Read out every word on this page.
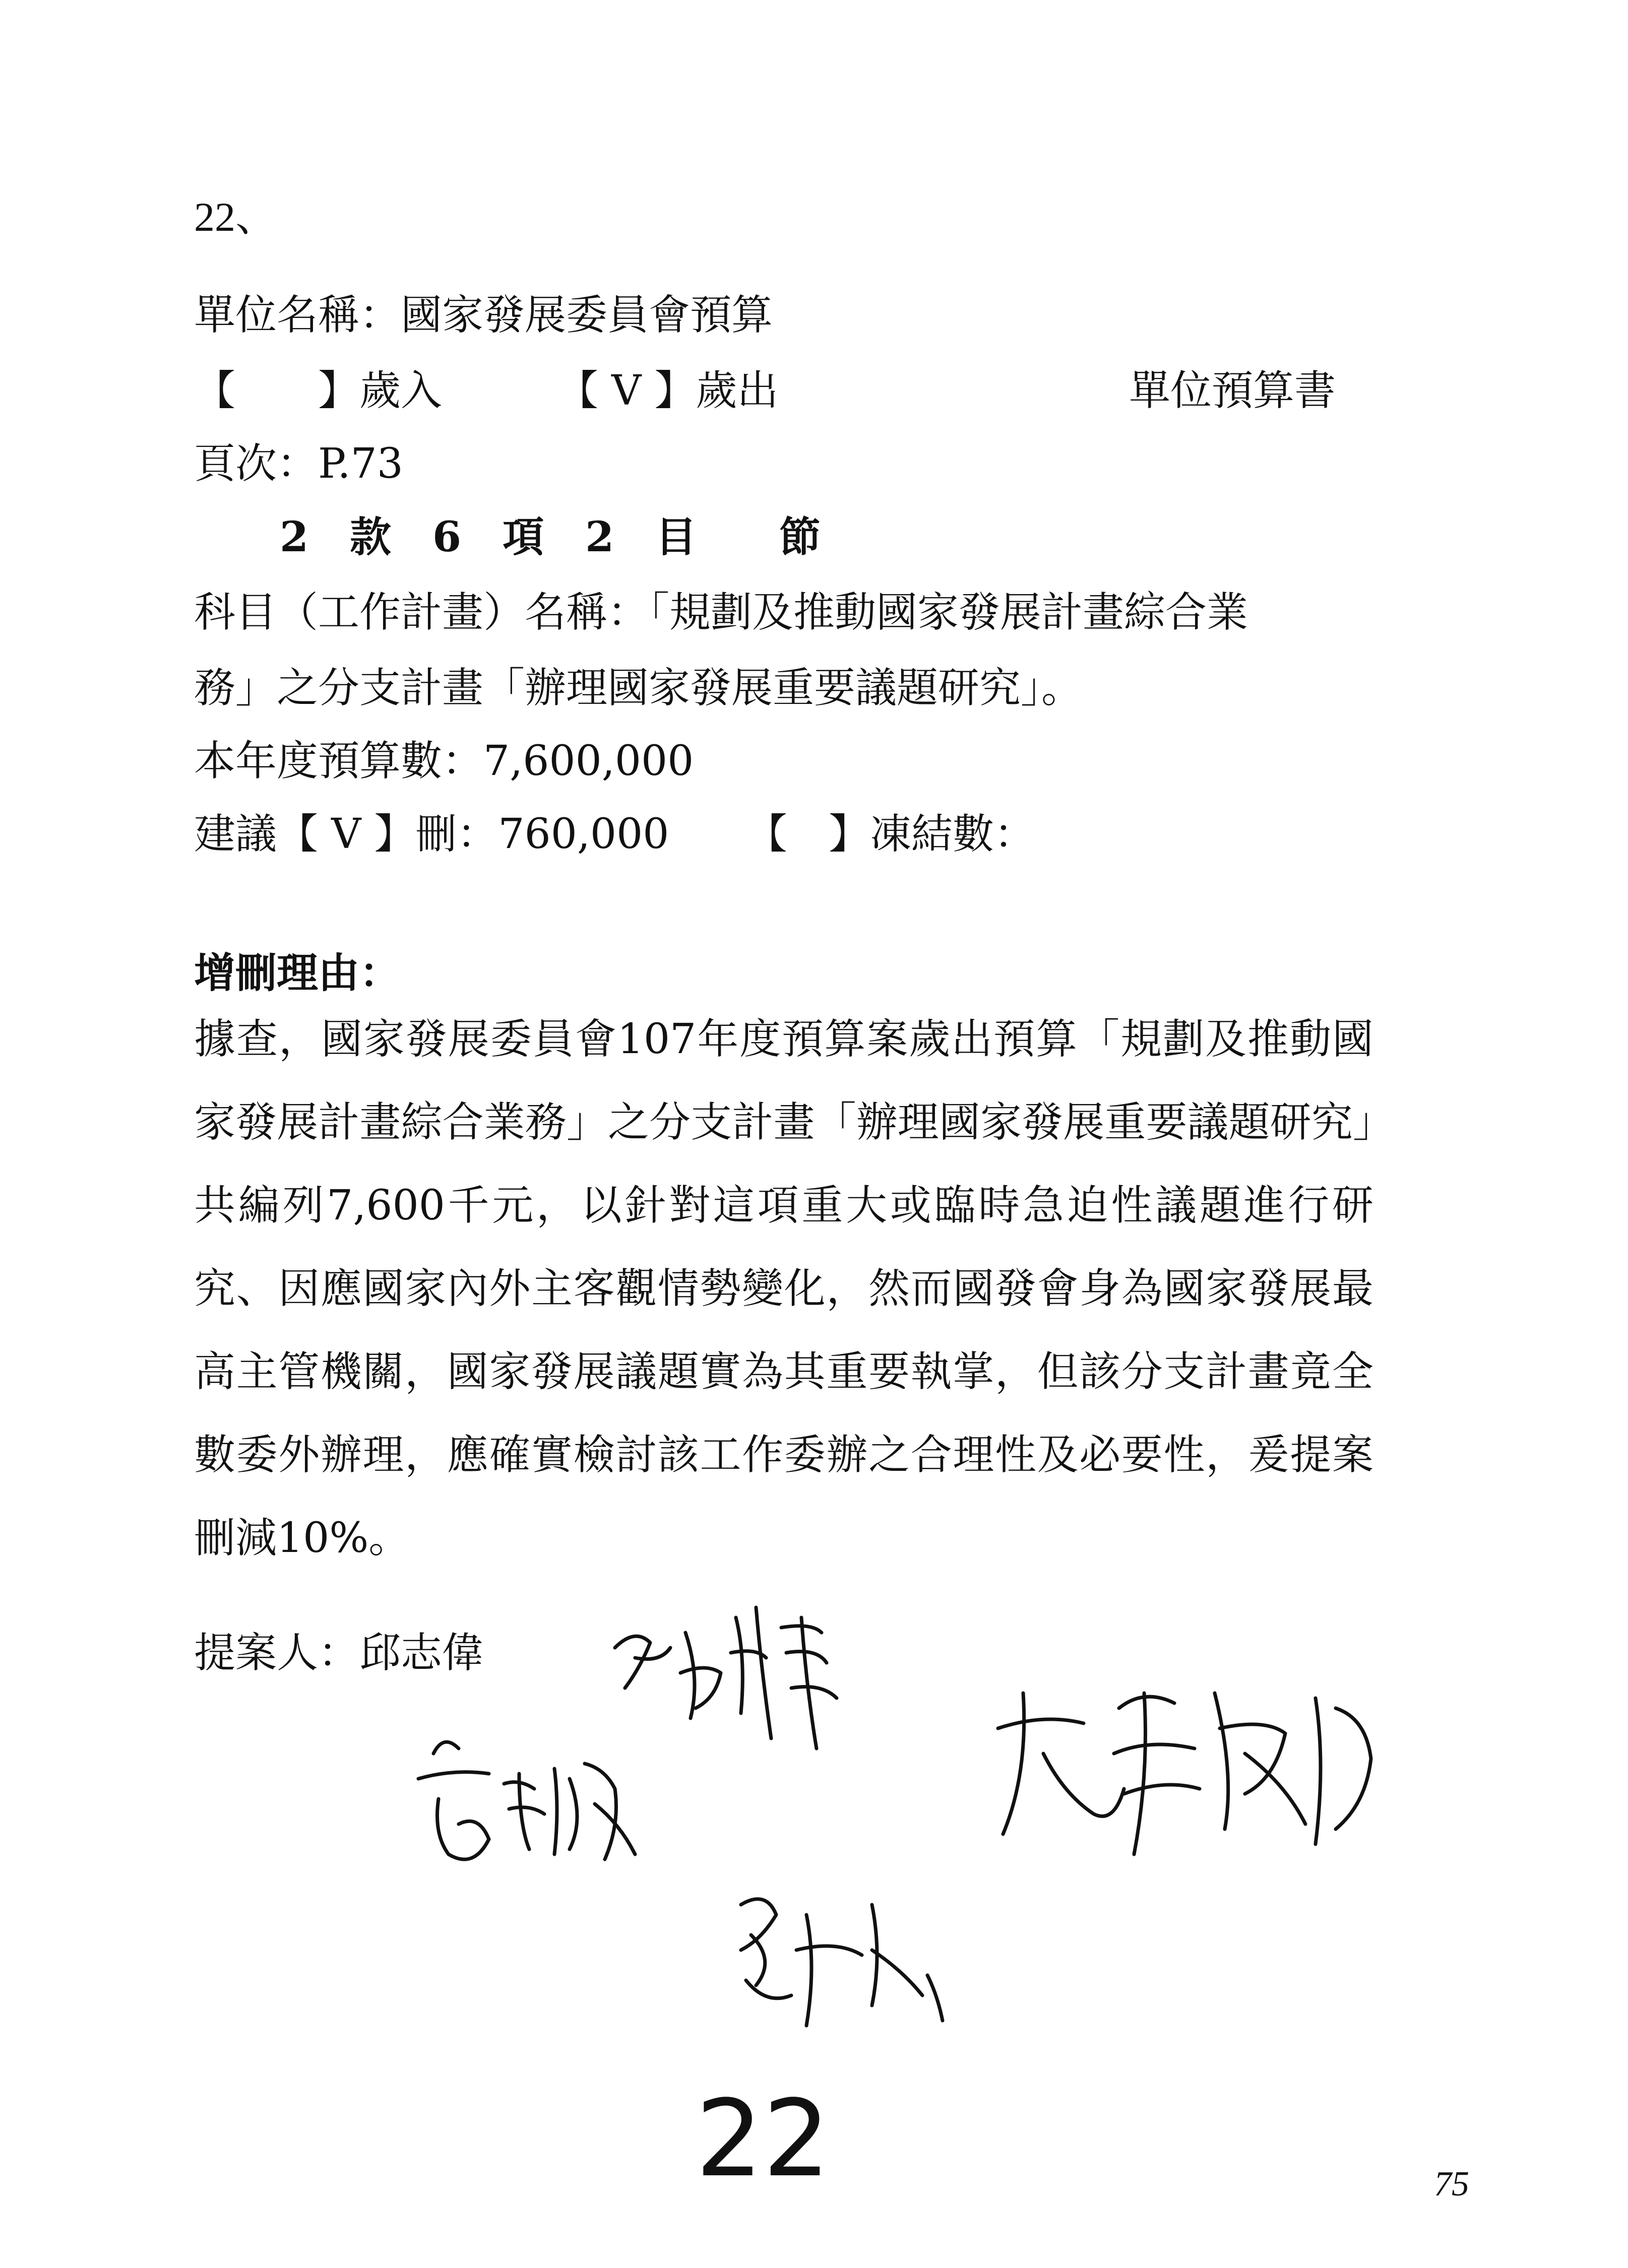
22、
單位名稱：國家發展委員會預算
【　　】歲入	【 V 】歲出	單位預算書
頁次：P.73
2　款　6　項　2　目　　節
科目（工作計畫）名稱：「規劃及推動國家發展計畫綜合業
務」之分支計畫「辦理國家發展重要議題研究」。
本年度預算數：7,600,000
建議【 V 】刪：760,000 【　】凍結數：
增刪理由：
據查，國家發展委員會107年度預算案歲出預算「規劃及推動國家發展計畫綜合業務」之分支計畫「辦理國家發展重要議題研究」共編列7,600千元，以針對這項重大或臨時急迫性議題進行研究、因應國家內外主客觀情勢變化，然而國發會身為國家發展最高主管機關，國家發展議題實為其重要執掌，但該分支計畫竟全數委外辦理，應確實檢討該工作委辦之合理性及必要性，爰提案刪減10%。
提案人：邱志偉
22	75
